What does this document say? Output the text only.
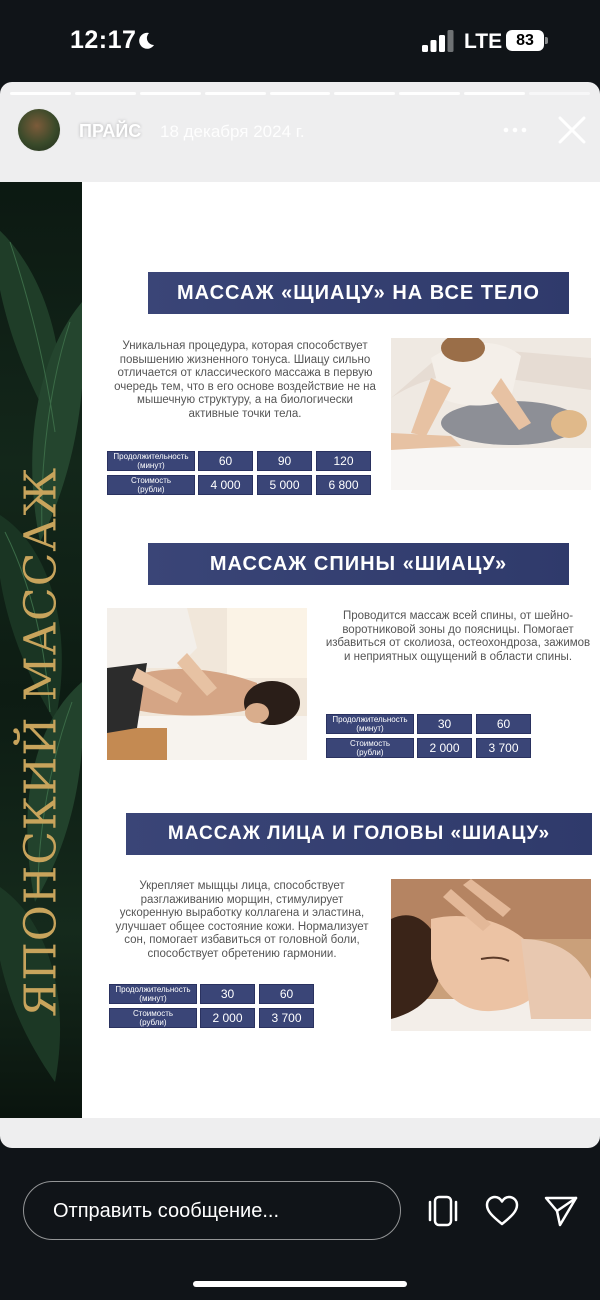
12:17	LTE 83
ЯПОНСКИЙ МАССАЖ
МАССАЖ «ЩИАЦУ» НА ВСЕ ТЕЛО
Уникальная процедура, которая способствует повышению жизненного тонуса. Шиацу сильно отличается от классического массажа в первую очередь тем, что в его основе воздействие не на мышечную структуру, а на биологически активные точки тела.
Продолжительность
(минут)	60	90	120
Стоимость
(рубли)	4 000	5 000	6 800
МАССАЖ СПИНЫ «ШИАЦУ»
Проводится массаж всей спины, от шейно-воротниковой зоны до поясницы. Помогает избавиться от сколиоза, остеохондроза, зажимов и неприятных ощущений в области спины.
Продолжительность
(минут)	30	60
Стоимость
(рубли)	2 000	3 700
МАССАЖ ЛИЦА И ГОЛОВЫ «ШИАЦУ»
Укрепляет мыщцы лица, способствует разглаживанию морщин, стимулирует ускоренную выработку коллагена и эластина, улучшает общее состояние кожи. Нормализует сон, помогает избавиться от головной боли, способствует обретению гармонии.
Продолжительность
(минут)	30	60
Стоимость
(рубли)	2 000	3 700
ПРАЙС 18 декабря 2024 г.
Отправить сообщение...
